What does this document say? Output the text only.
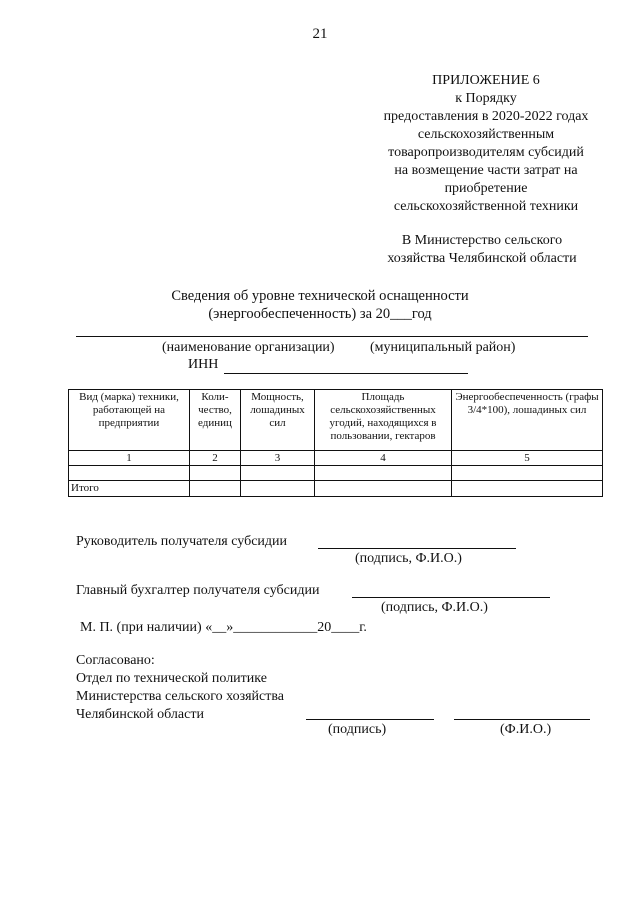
21
ПРИЛОЖЕНИЕ 6
к Порядку
предоставления в 2020-2022 годах
сельскохозяйственным
товаропроизводителям субсидий
на возмещение части затрат на
приобретение
сельскохозяйственной техники
В Министерство сельского
хозяйства Челябинской области
Сведения об уровне технической оснащенности
(энергообеспеченность) за 20___год
(наименование организации)	(муниципальный район)
ИНН
Вид (марка) техники, работающей на предприятии	Коли-чество, единиц	Мощность, лошадиных сил	Площадь сельскохозяйственных угодий, находящихся в пользовании, гектаров	Энергообеспеченность (графы 3/4*100), лошадиных сил
1	2	3	4	5

Итого				
Руководитель получателя субсидии
(подпись, Ф.И.О.)
Главный бухгалтер получателя субсидии
(подпись, Ф.И.О.)
М. П. (при наличии) «__»____________20____г.
Согласовано:
Отдел по технической политике
Министерства сельского хозяйства
Челябинской области
(подпись)	(Ф.И.О.)
